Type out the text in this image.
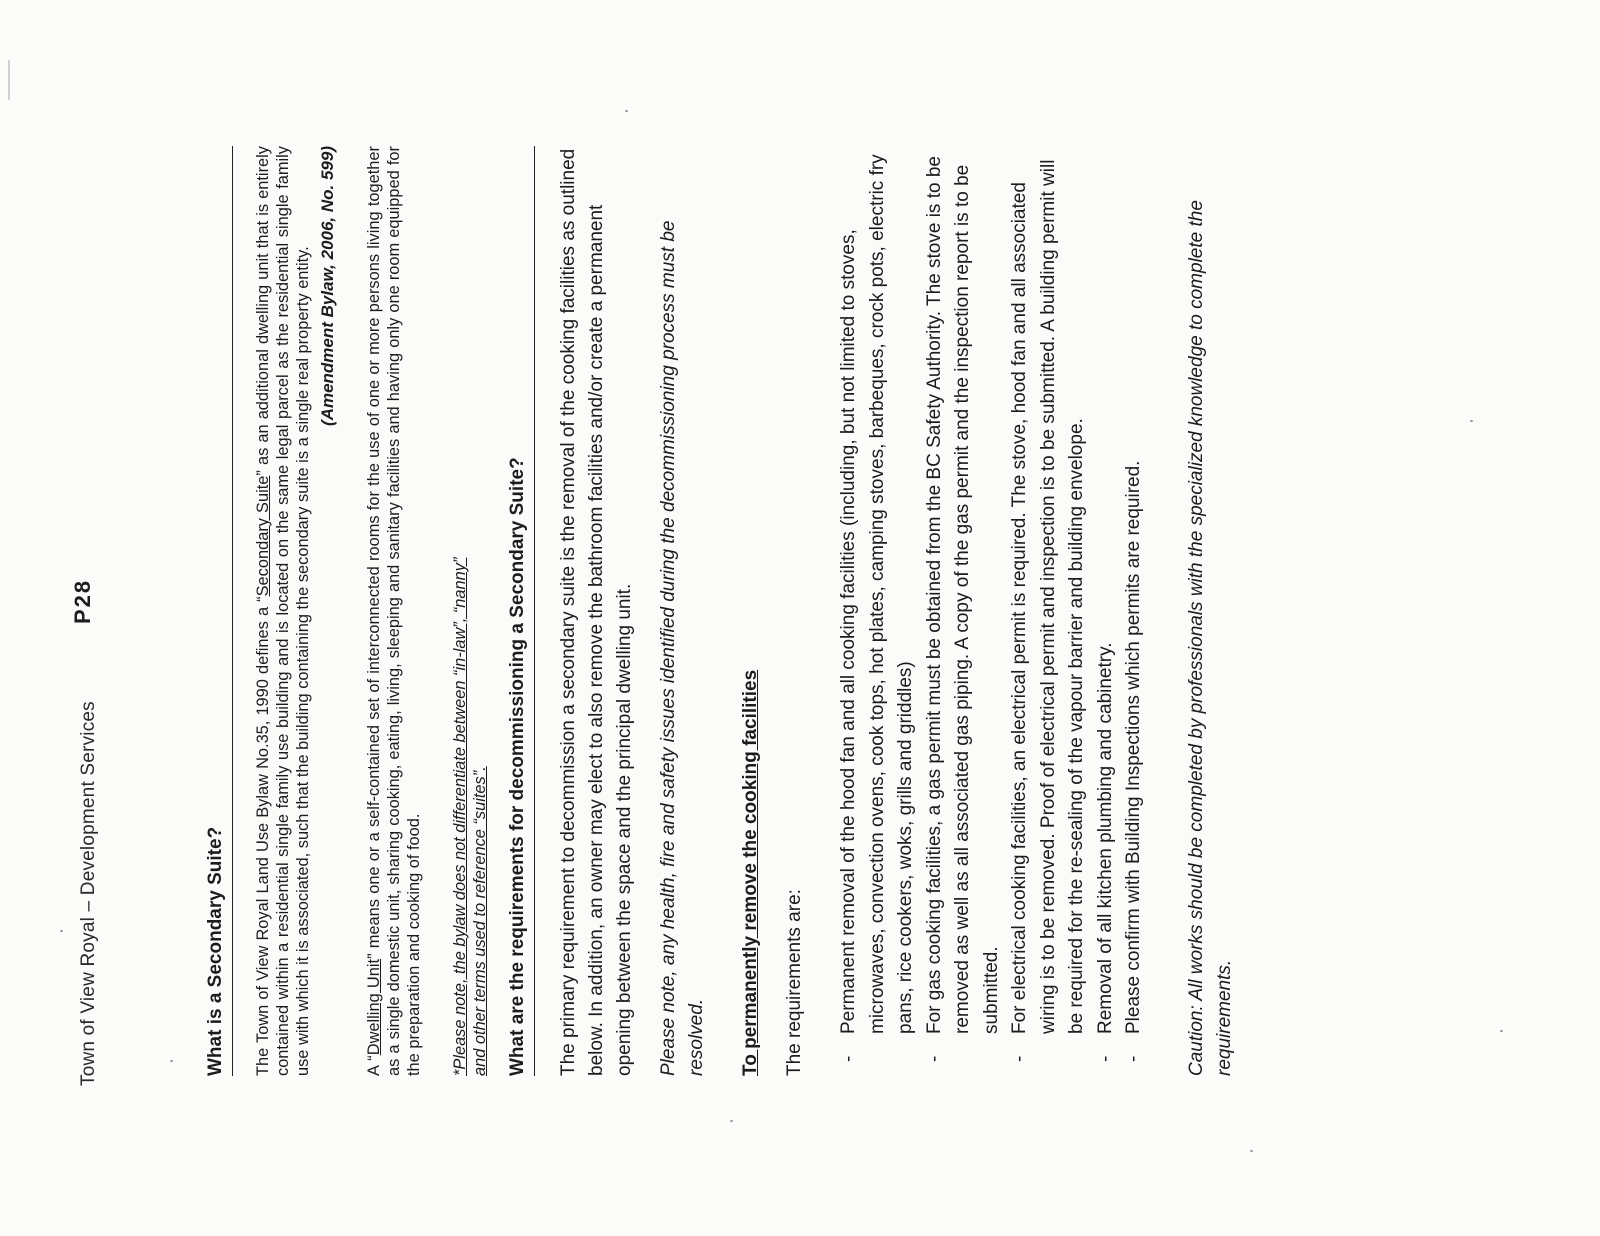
Town of View Royal – Development Services
P28
What is a Secondary Suite? The Town of View Royal Land Use Bylaw No.35, 1990 defines a “Secondary Suite” as an additional dwelling unit that is entirely contained within a residential single family use building and is located on the same legal parcel as the residential single family use with which it is associated, such that the building containing the secondary suite is a single real property entity. (Amendment Bylaw, 2006, No. 599)

A “Dwelling Unit” means one or a self-contained set of interconnected rooms for the use of one or more persons living together as a single domestic unit, sharing cooking, eating, living, sleeping and sanitary facilities and having only one room equipped for the preparation and cooking of food. *Please note, the bylaw does not differentiate between “in-law”, “nanny” and other terms used to reference “suites”. What are the requirements for decommissioning a Secondary Suite? The primary requirement to decommission a secondary suite is the removal of the cooking facilities as outlined below. In addition, an owner may elect to also remove the bathroom facilities and/or create a permanent opening between the space and the principal dwelling unit. Please note, any health, fire and safety issues identified during the decommissioning process must be resolved. To permanently remove the cooking facilities The requirements are: -
Permanent removal of the hood fan and all cooking facilities (including, but not limited to stoves, microwaves, convection ovens, cook tops, hot plates, camping stoves, barbeques, crock pots, electric fry pans, rice cookers, woks, grills and griddles)
-
For gas cooking facilities, a gas permit must be obtained from the BC Safety Authority. The stove is to be removed as well as all associated gas piping. A copy of the gas permit and the inspection report is to be submitted.
-
For electrical cooking facilities, an electrical permit is required. The stove, hood fan and all associated wiring is to be removed. Proof of electrical permit and inspection is to be submitted. A building permit will be required for the re-sealing of the vapour barrier and building envelope.
-
Removal of all kitchen plumbing and cabinetry.
-
Please confirm with Building Inspections which permits are required. Caution: All works should be completed by professionals with the specialized knowledge to complete the requirements.
